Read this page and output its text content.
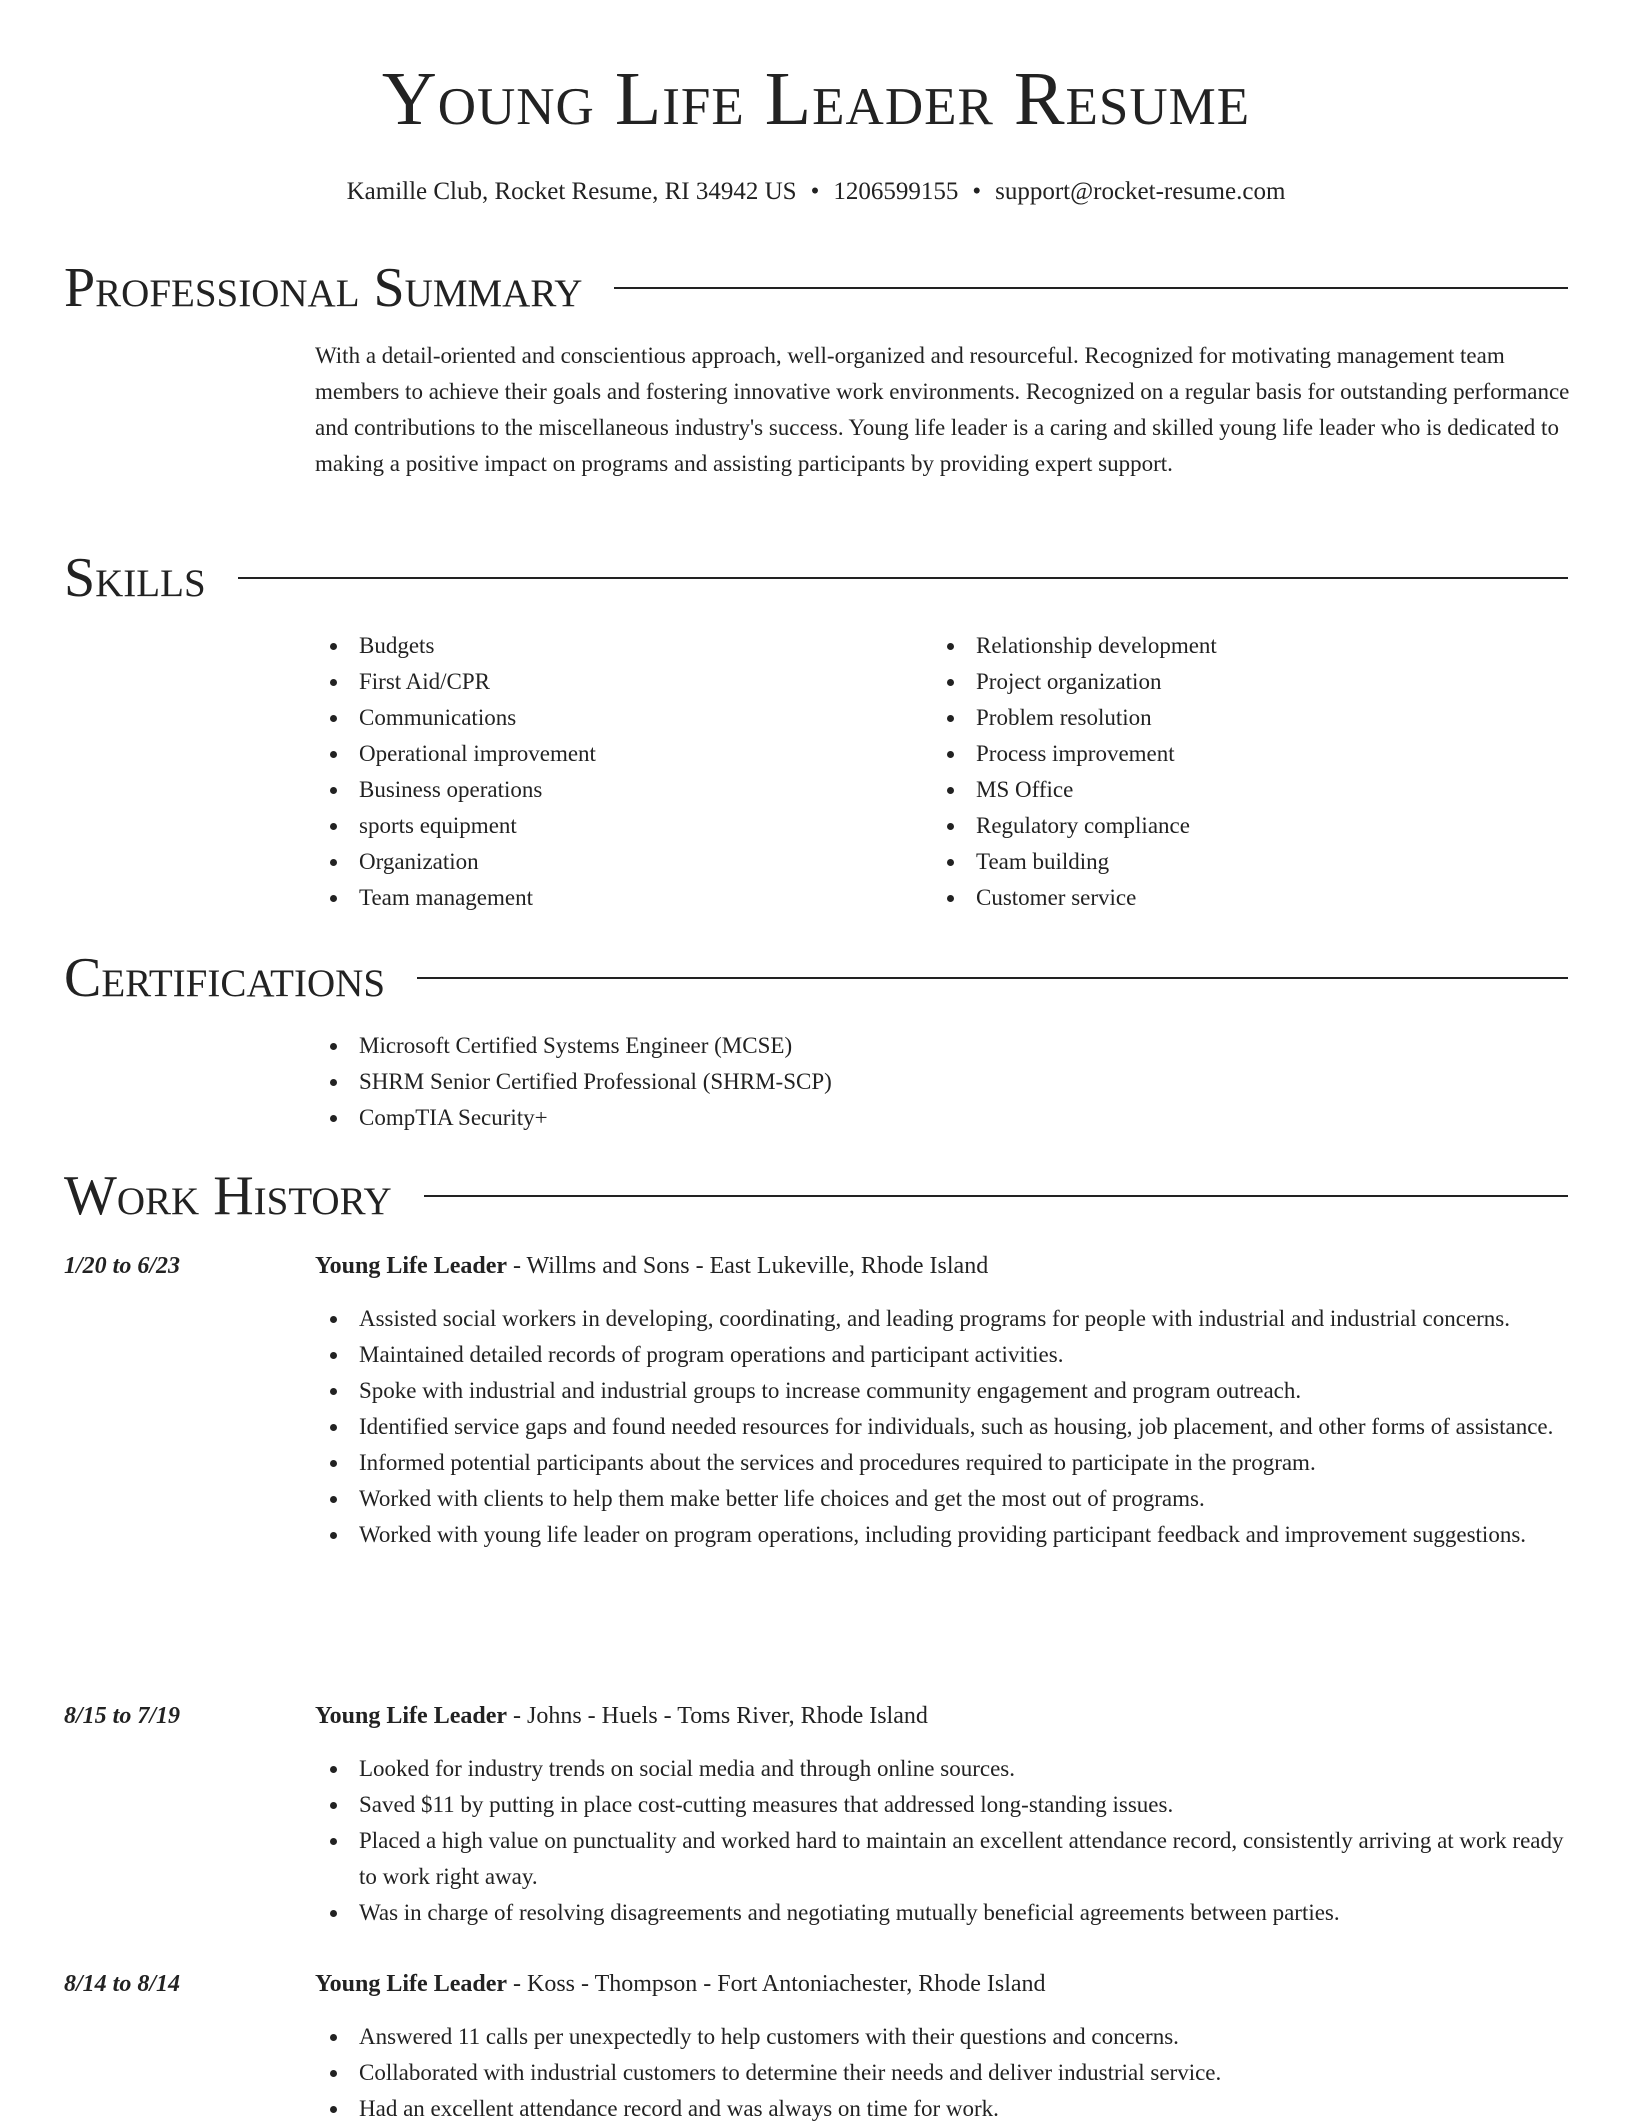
Young Life Leader Resume
Kamille Club, Rocket Resume, RI 34942 US • 1206599155 • support@rocket-resume.com
Professional Summary

With a detail-oriented and conscientious approach, well-organized and resourceful. Recognized for motivating management team members to achieve their goals and fostering innovative work environments. Recognized on a regular basis for outstanding performance and contributions to the miscellaneous industry's success. Young life leader is a caring and skilled young life leader who is dedicated to making a positive impact on programs and assisting participants by providing expert support.

Skills
Budgets
First Aid/CPR
Communications
Operational improvement
Business operations
sports equipment
Organization
Team management
Relationship development
Project organization
Problem resolution
Process improvement
MS Office
Regulatory compliance
Team building
Customer service
Certifications
Microsoft Certified Systems Engineer (MCSE)
SHRM Senior Certified Professional (SHRM-SCP)
CompTIA Security+
Work History
1/20 to 6/23	Young Life Leader - Willms and Sons - East Lukeville, Rhode Island
Assisted social workers in developing, coordinating, and leading programs for people with industrial and industrial concerns.
Maintained detailed records of program operations and participant activities.
Spoke with industrial and industrial groups to increase community engagement and program outreach.
Identified service gaps and found needed resources for individuals, such as housing, job placement, and other forms of assistance.
Informed potential participants about the services and procedures required to participate in the program.
Worked with clients to help them make better life choices and get the most out of programs.
Worked with young life leader on program operations, including providing participant feedback and improvement suggestions.
8/15 to 7/19	Young Life Leader - Johns - Huels - Toms River, Rhode Island
Looked for industry trends on social media and through online sources.
Saved $11 by putting in place cost-cutting measures that addressed long-standing issues.
Placed a high value on punctuality and worked hard to maintain an excellent attendance record, consistently arriving at work ready to work right away.
Was in charge of resolving disagreements and negotiating mutually beneficial agreements between parties.
8/14 to 8/14	Young Life Leader - Koss - Thompson - Fort Antoniachester, Rhode Island
Answered 11 calls per unexpectedly to help customers with their questions and concerns.
Collaborated with industrial customers to determine their needs and deliver industrial service.
Had an excellent attendance record and was always on time for work.
